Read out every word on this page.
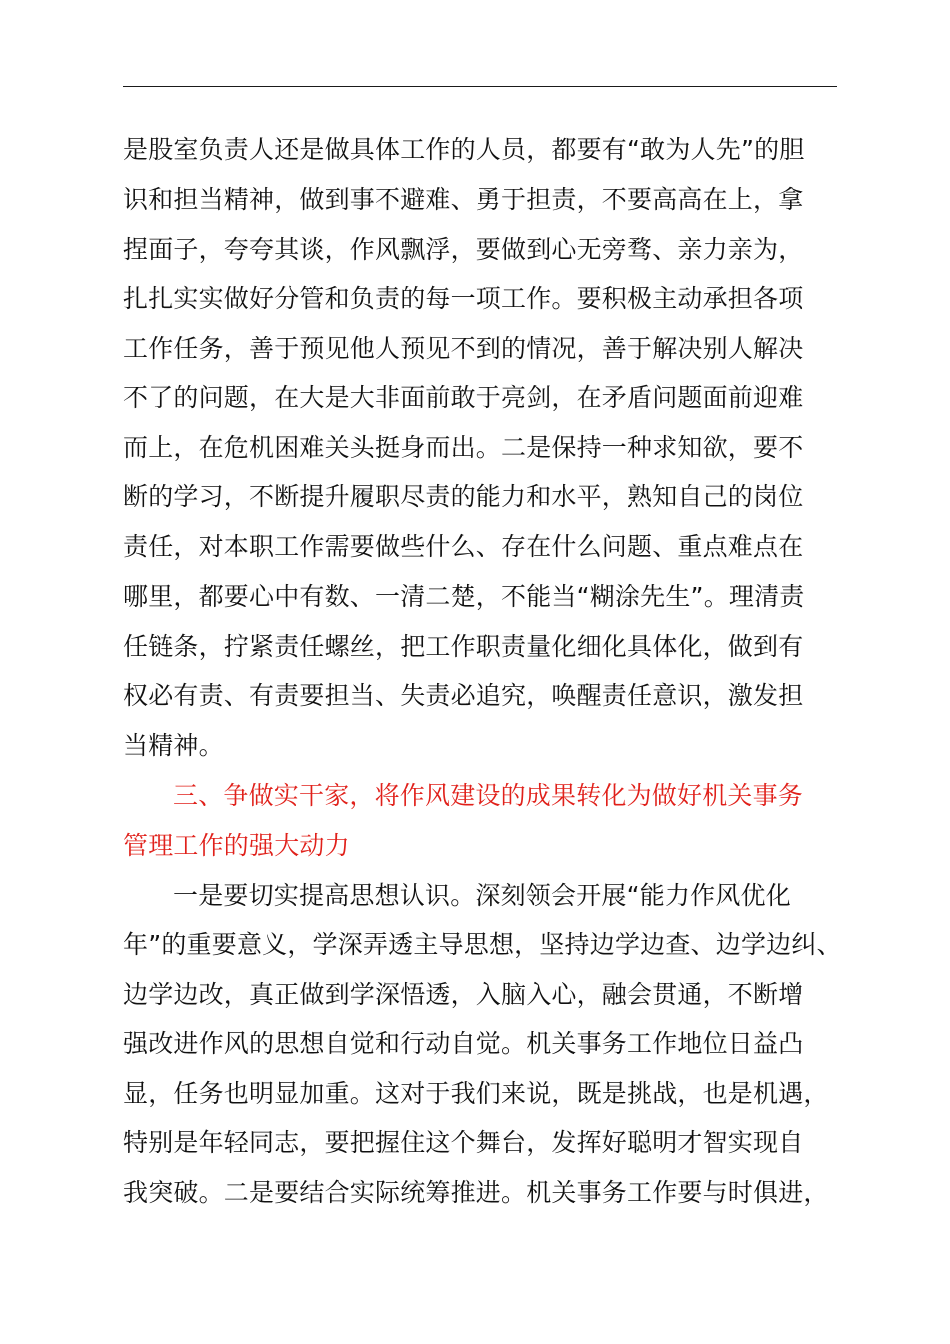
是股室负责人还是做具体工作的人员，都要有“敢为人先”的胆
识和担当精神，做到事不避难、勇于担责，不要高高在上，拿
捏面子，夸夸其谈，作风飘浮，要做到心无旁骛、亲力亲为，
扎扎实实做好分管和负责的每一项工作。要积极主动承担各项
工作任务，善于预见他人预见不到的情况，善于解决别人解决
不了的问题，在大是大非面前敢于亮剑，在矛盾问题面前迎难
而上，在危机困难关头挺身而出。二是保持一种求知欲，要不
断的学习，不断提升履职尽责的能力和水平，熟知自己的岗位
责任，对本职工作需要做些什么、存在什么问题、重点难点在
哪里，都要心中有数、一清二楚，不能当“糊涂先生”。理清责
任链条，拧紧责任螺丝，把工作职责量化细化具体化，做到有
权必有责、有责要担当、失责必追究，唤醒责任意识，激发担
当精神。
三、争做实干家，将作风建设的成果转化为做好机关事务
管理工作的强大动力
一是要切实提高思想认识。深刻领会开展“能力作风优化
年”的重要意义，学深弄透主导思想，坚持边学边查、边学边纠、
边学边改，真正做到学深悟透，入脑入心，融会贯通，不断增
强改进作风的思想自觉和行动自觉。机关事务工作地位日益凸
显，任务也明显加重。这对于我们来说，既是挑战，也是机遇，
特别是年轻同志，要把握住这个舞台，发挥好聪明才智实现自
我突破。二是要结合实际统筹推进。机关事务工作要与时俱进，
